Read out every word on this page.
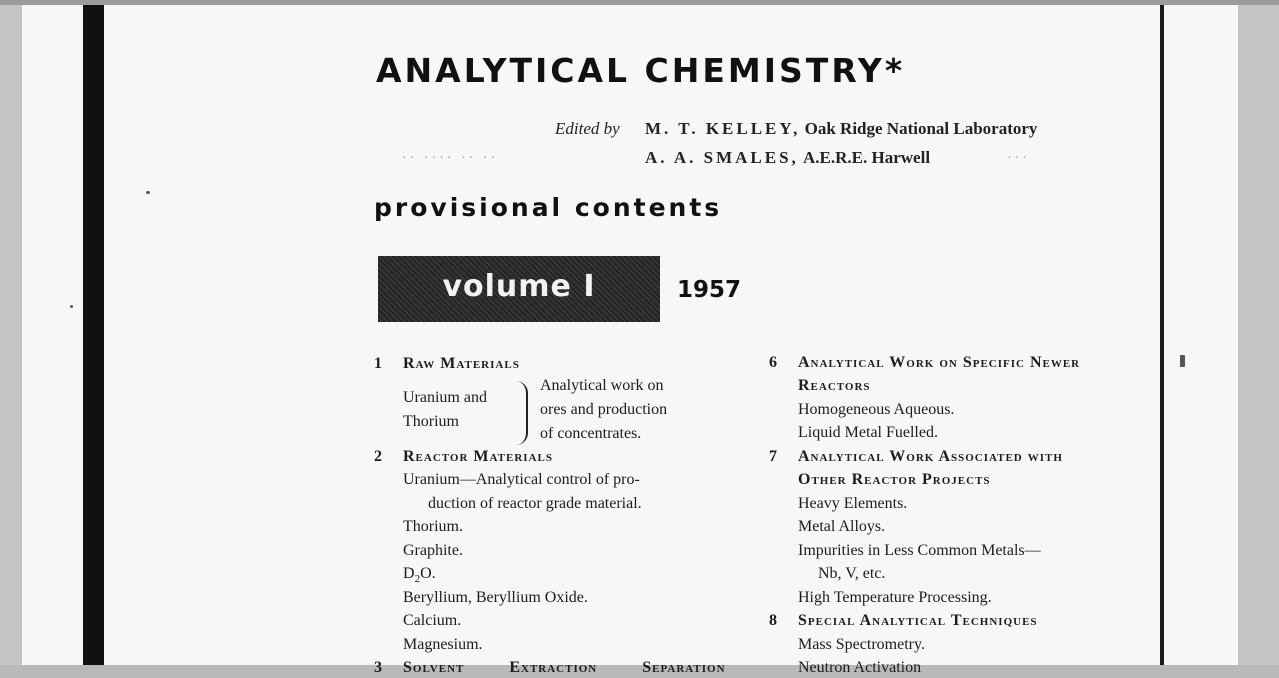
ANALYTICAL CHEMISTRY*
Edited by M. T. KELLEY, Oak Ridge National Laboratory
A. A. SMALES, A.E.R.E. Harwell
·· ···· ·· ··	···
provisional contents
volume I	1957
1 Raw Materials
Uranium and
Thorium
Analytical work on
ores and production
of concentrates.
2 Reactor Materials
Uranium—Analytical control of pro-
duction of reactor grade material.
Thorium.
Graphite.
$D_2O$.
Beryllium, Beryllium Oxide.
Calcium.
Magnesium.
3 Solvent Extraction Separation
6 Analytical Work on Specific Newer
Reactors
Homogeneous Aqueous.
Liquid Metal Fuelled.
7 Analytical Work Associated with
Other Reactor Projects
Heavy Elements.
Metal Alloys.
Impurities in Less Common Metals—
Nb, V, etc.
High Temperature Processing.
8 Special Analytical Techniques
Mass Spectrometry.
Neutron Activation
